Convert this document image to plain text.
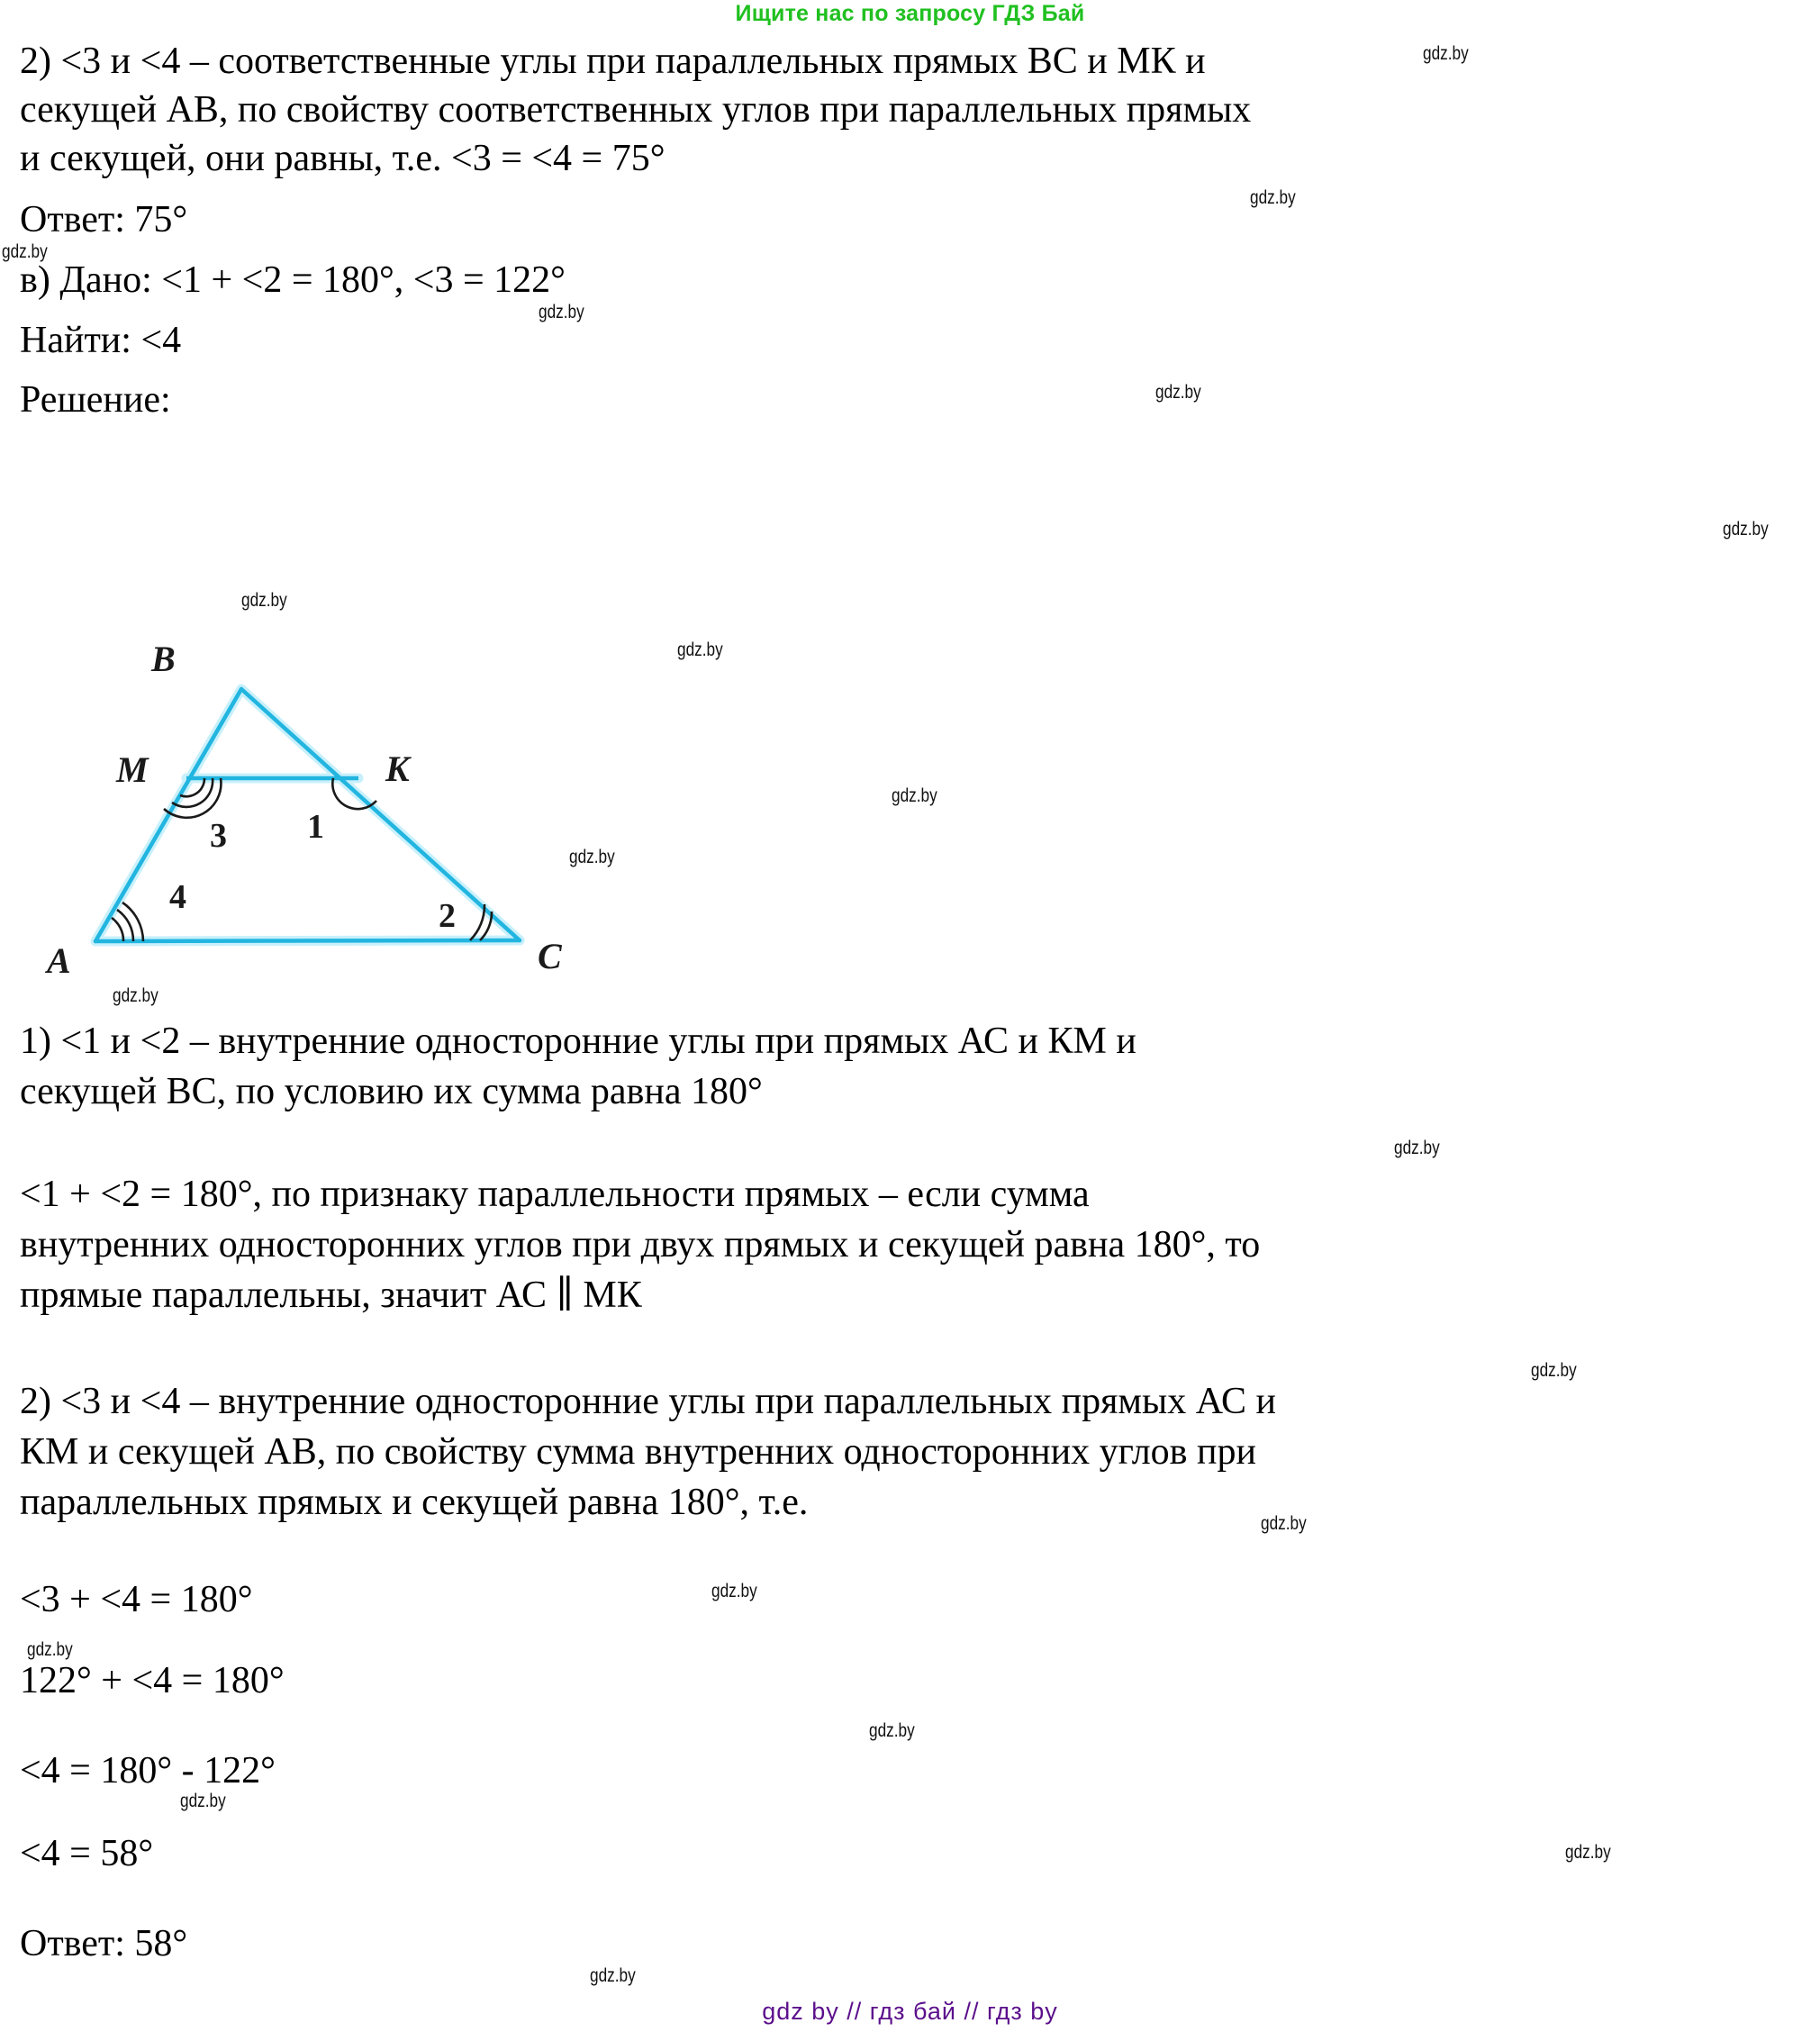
Ищите нас по запросу ГДЗ Бай
2) <3 и <4 – соответственные углы при параллельных прямых ВС и МК и
секущей АВ, по свойству соответственных углов при параллельных прямых
и секущей, они равны, т.е. <3 = <4 = 75°
Ответ: 75°
в) Дано: <1 + <2 = 180°, <3 = 122°
Найти: <4
Решение:
B
M	K
A	C
3 1
4	2
1) <1 и <2 – внутренние односторонние углы при прямых АС и КМ и
секущей ВС, по условию их сумма равна 180°
<1 + <2 = 180°, по признаку параллельности прямых – если сумма
внутренних односторонних углов при двух прямых и секущей равна 180°, то
прямые параллельны, значит АС ∥ МК
2) <3 и <4 – внутренние односторонние углы при параллельных прямых АС и
КМ и секущей АВ, по свойству сумма внутренних односторонних углов при
параллельных прямых и секущей равна 180°, т.е.
<3 + <4 = 180°
122° + <4 = 180°
<4 = 180° - 122°
<4 = 58°
Ответ: 58°
gdz.by
gdz.by
gdz.by
gdz.by
gdz.by
gdz.by
gdz.by
gdz.by
gdz.by
gdz.by
gdz.by
gdz.by
gdz.by
gdz.by
gdz.by
gdz.by
gdz.by
gdz.by
gdz.by
gdz.by
gdz by // гдз бай // гдз by
